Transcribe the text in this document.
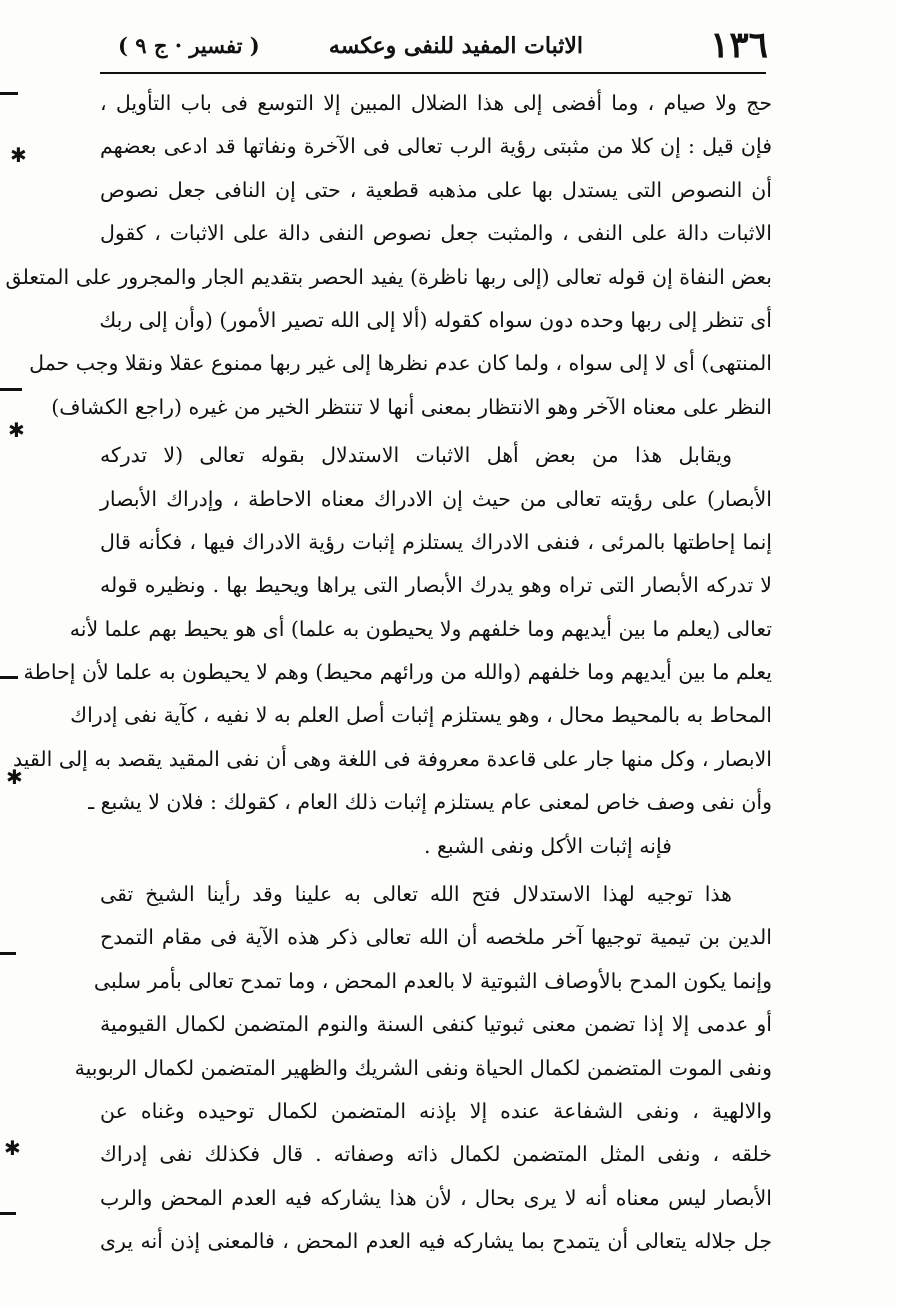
✱
✱
✱
✱
١٣٦
الاثبات المفيد للنفى وعكسه
( تفسير · ج ٩ )
حج ولا صيام ، وما أفضى إلى هذا الضلال المبين إلا التوسع فى باب التأويل ،
فإن قيل : إن كلا من مثبتى رؤية الرب تعالى فى الآخرة ونفاتها قد ادعى بعضهم
أن النصوص التى يستدل بها على مذهبه قطعية ، حتى إن النافى جعل نصوص
الاثبات دالة على النفى ، والمثبت جعل نصوص النفى دالة على الاثبات ، كقول
بعض النفاة إن قوله تعالى (إلى ربها ناظرة) يفيد الحصر بتقديم الجار والمجرور على المتعلق
أى تنظر إلى ربها وحده دون سواه كقوله (ألا إلى الله تصير الأمور) (وأن إلى ربك
المنتهى) أى لا إلى سواه ، ولما كان عدم نظرها إلى غير ربها ممنوع عقلا ونقلا وجب حمل
النظر على معناه الآخر وهو الانتظار بمعنى أنها لا تنتظر الخير من غيره (راجع الكشاف)
ويقابل هذا من بعض أهل الاثبات الاستدلال بقوله تعالى (لا تدركه
الأبصار) على رؤيته تعالى من حيث إن الادراك معناه الاحاطة ، وإدراك الأبصار
إنما إحاطتها بالمرئى ، فنفى الادراك يستلزم إثبات رؤية الادراك فيها ، فكأنه قال
لا تدركه الأبصار التى تراه وهو يدرك الأبصار التى يراها ويحيط بها . ونظيره قوله
تعالى (يعلم ما بين أيديهم وما خلفهم ولا يحيطون به علما) أى هو يحيط بهم علما لأنه
يعلم ما بين أيديهم وما خلفهم (والله من ورائهم محيط) وهم لا يحيطون به علما لأن إحاطة
المحاط به بالمحيط محال ، وهو يستلزم إثبات أصل العلم به لا نفيه ، كآية نفى إدراك
الابصار ، وكل منها جار على قاعدة معروفة فى اللغة وهى أن نفى المقيد يقصد به إلى القيد
وأن نفى وصف خاص لمعنى عام يستلزم إثبات ذلك العام ، كقولك : فلان لا يشبع ـ
فإنه إثبات الأكل ونفى الشبع .
هذا توجيه لهذا الاستدلال فتح الله تعالى به علينا وقد رأينا الشيخ تقى
الدين بن تيمية توجيها آخر ملخصه أن الله تعالى ذكر هذه الآية فى مقام التمدح
وإنما يكون المدح بالأوصاف الثبوتية لا بالعدم المحض ، وما تمدح تعالى بأمر سلبى
أو عدمى إلا إذا تضمن معنى ثبوتيا كنفى السنة والنوم المتضمن لكمال القيومية
ونفى الموت المتضمن لكمال الحياة ونفى الشريك والظهير المتضمن لكمال الربوبية
والالهية ، ونفى الشفاعة عنده إلا بإذنه المتضمن لكمال توحيده وغناه عن
خلقه ، ونفى المثل المتضمن لكمال ذاته وصفاته . قال فكذلك نفى إدراك
الأبصار ليس معناه أنه لا يرى بحال ، لأن هذا يشاركه فيه العدم المحض والرب
جل جلاله يتعالى أن يتمدح بما يشاركه فيه العدم المحض ، فالمعنى إذن أنه يرى
